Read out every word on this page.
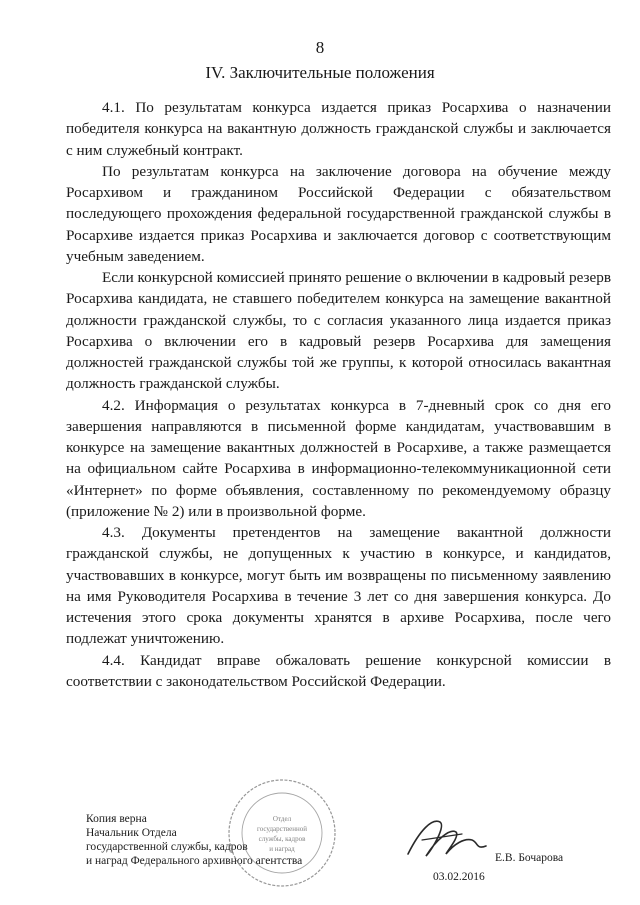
8
IV. Заключительные положения

4.1. По результатам конкурса издается приказ Росархива о назначении победителя конкурса на вакантную должность гражданской службы и заключается с ним служебный контракт.

По результатам конкурса на заключение договора на обучение между Росархивом и гражданином Российской Федерации с обязательством последующего прохождения федеральной государственной гражданской службы в Росархиве издается приказ Росархива и заключается договор с соответствующим учебным заведением.

Если конкурсной комиссией принято решение о включении в кадровый резерв Росархива кандидата, не ставшего победителем конкурса на замещение вакантной должности гражданской службы, то с согласия указанного лица издается приказ Росархива о включении его в кадровый резерв Росархива для замещения должностей гражданской службы той же группы, к которой относилась вакантная должность гражданской службы.

4.2. Информация о результатах конкурса в 7-дневный срок со дня его завершения направляются в письменной форме кандидатам, участвовавшим в конкурсе на замещение вакантных должностей в Росархиве, а также размещается на официальном сайте Росархива в информационно-телекоммуникационной сети «Интернет» по форме объявления, составленному по рекомендуемому образцу (приложение № 2) или в произвольной форме.

4.3. Документы претендентов на замещение вакантной должности гражданской службы, не допущенных к участию в конкурсе, и кандидатов, участвовавших в конкурсе, могут быть им возвращены по письменному заявлению на имя Руководителя Росархива в течение 3 лет со дня завершения конкурса. До истечения этого срока документы хранятся в архиве Росархива, после чего подлежат уничтожению.

4.4. Кандидат вправе обжаловать решение конкурсной комиссии в соответствии с законодательством Российской Федерации.

Копия верна
Начальник Отдела
государственной службы, кадров
и наград Федерального архивного агентства
Отдел
государственной
службы, кадров
и наград
03.02.2016
Е.В. Бочарова
